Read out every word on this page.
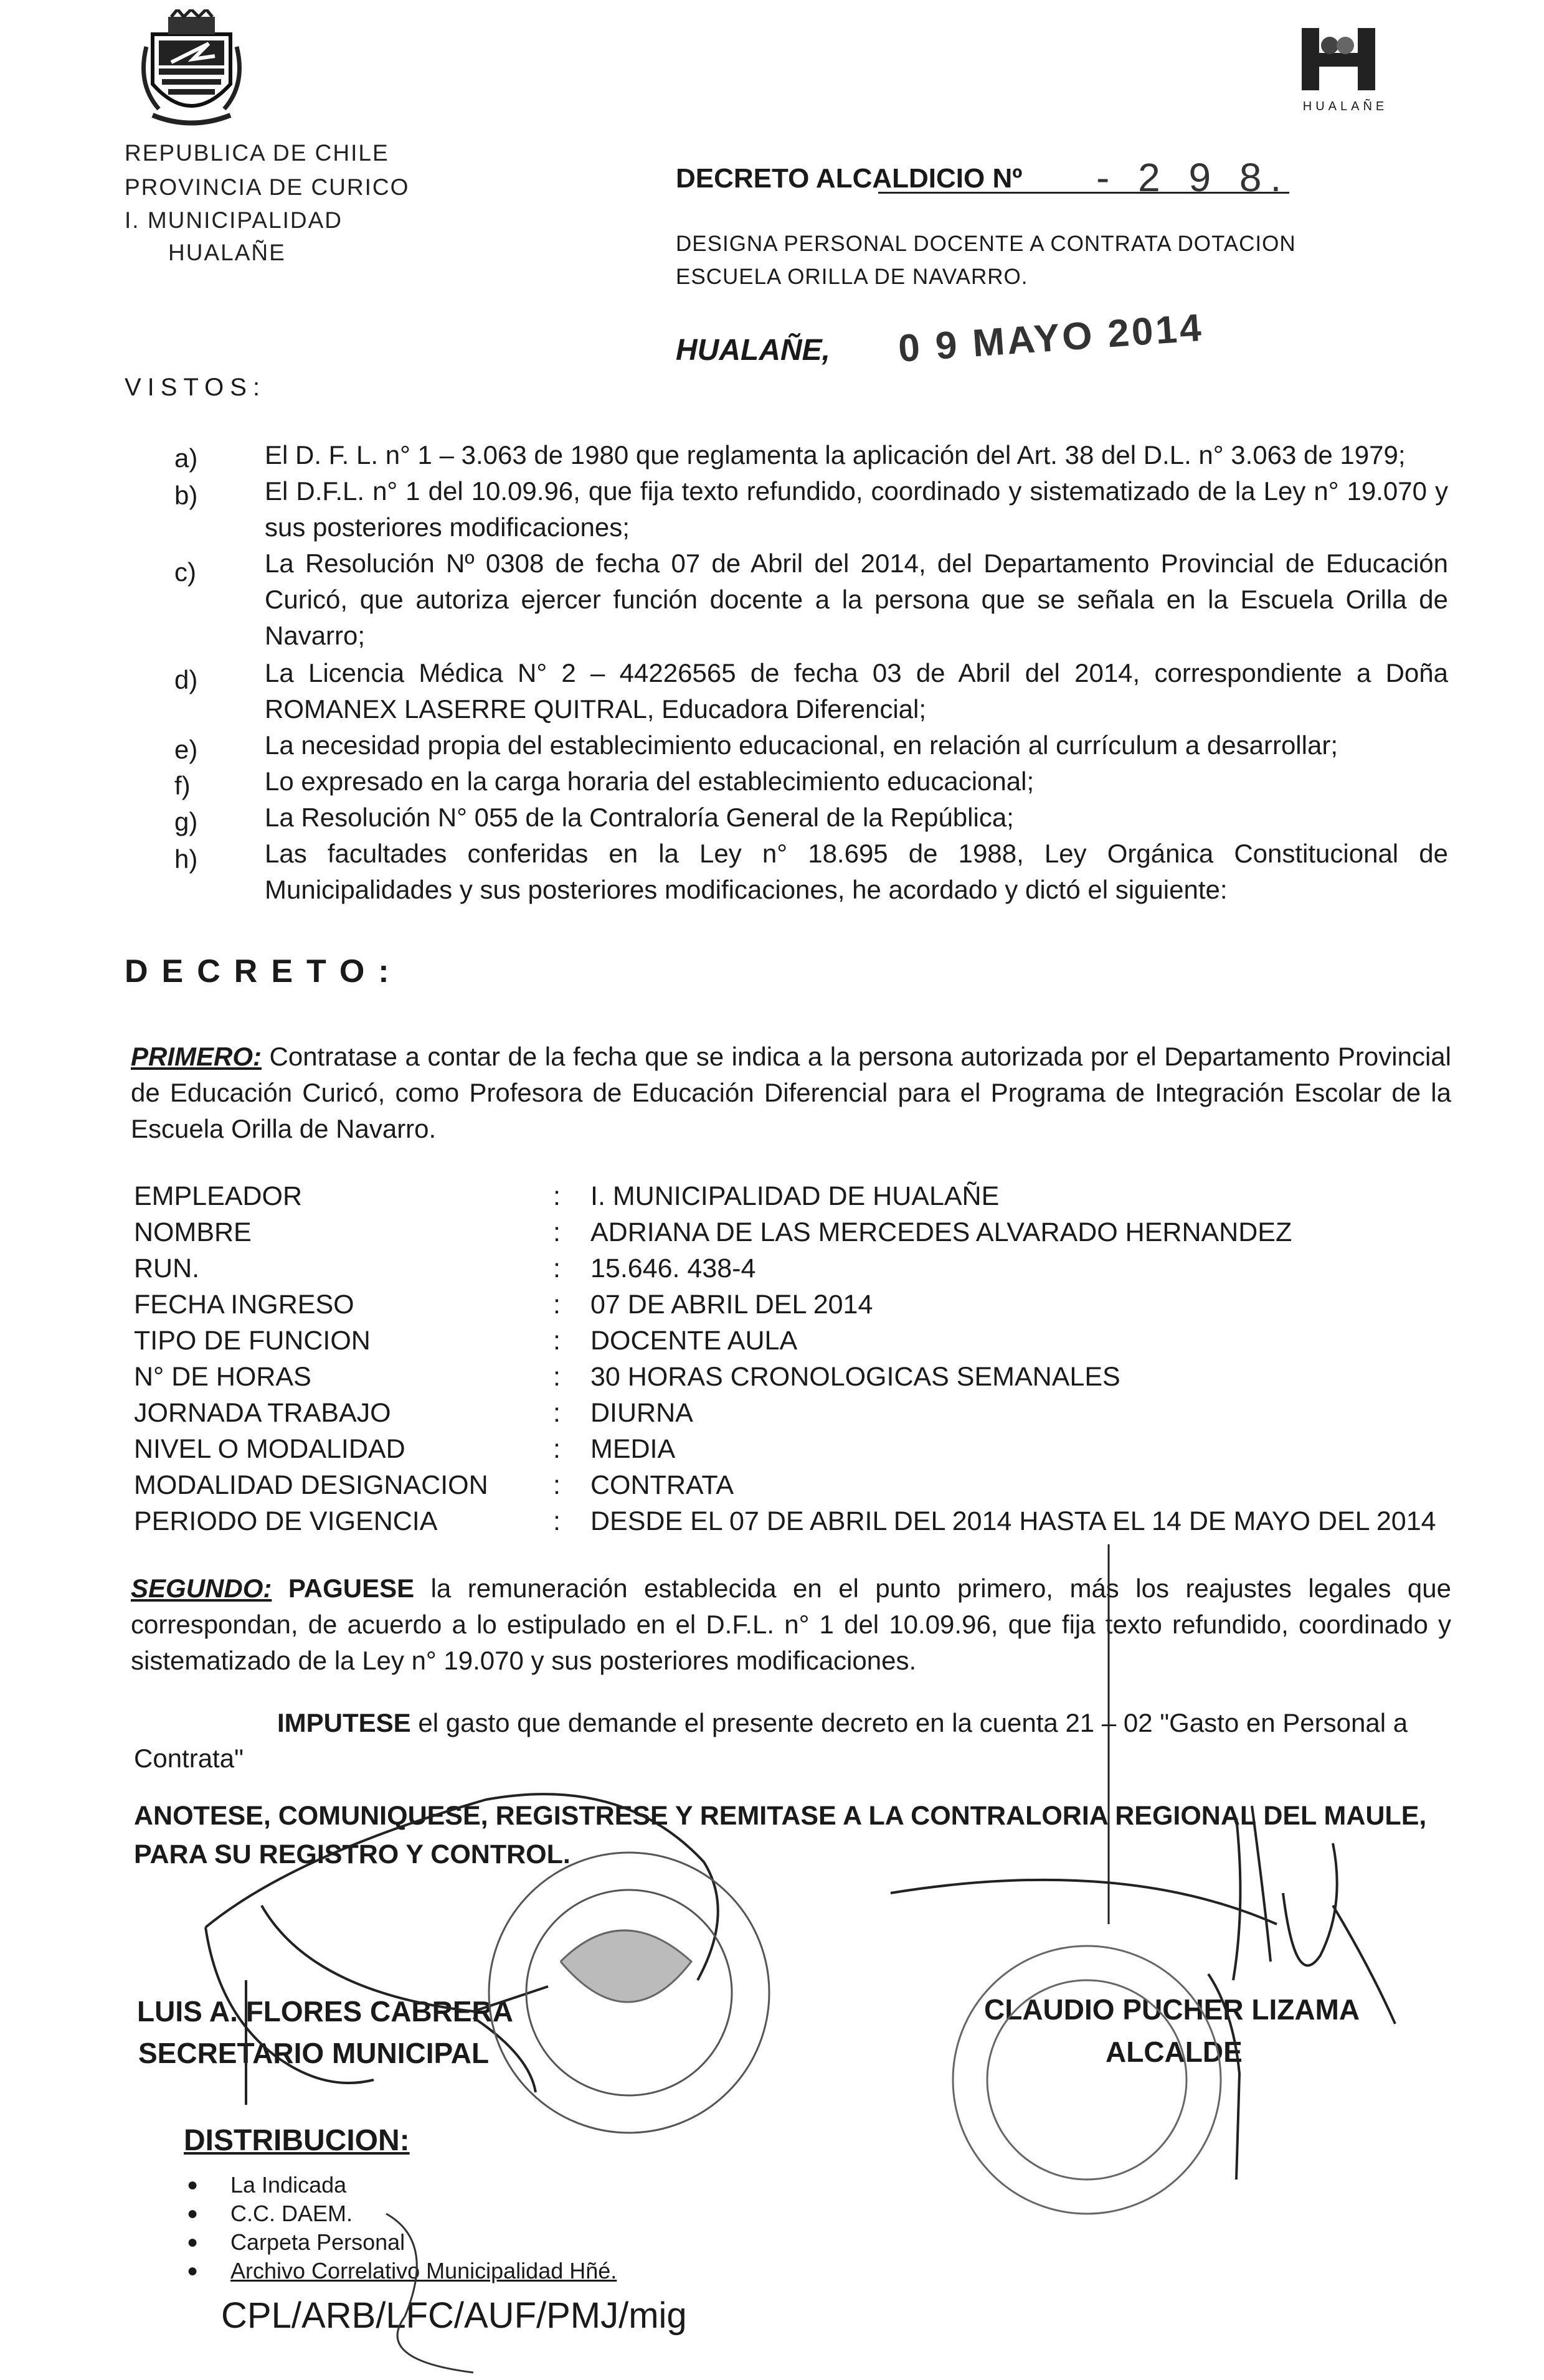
HUALAÑE
REPUBLICA DE CHILE
PROVINCIA DE CURICO
I. MUNICIPALIDAD
HUALAÑE
DECRETO ALCALDICIO Nº - 2 9 8.
DESIGNA PERSONAL DOCENTE A CONTRATA DOTACION
ESCUELA ORILLA DE NAVARRO.
HUALAÑE, 0 9 MAYO 2014
VISTOS:
a)	El D. F. L. n° 1 – 3.063 de 1980 que reglamenta la aplicación del Art. 38 del D.L. n° 3.063 de 1979;
b)	El D.F.L. n° 1 del 10.09.96, que fija texto refundido, coordinado y sistematizado de la Ley n° 19.070 y sus posteriores modificaciones;
c)	La Resolución Nº 0308 de fecha 07 de Abril del 2014, del Departamento Provincial de Educación Curicó, que autoriza ejercer función docente a la persona que se señala en la Escuela Orilla de Navarro;
d)	La Licencia Médica N° 2 – 44226565 de fecha 03 de Abril del 2014, correspondiente a Doña ROMANEX LASERRE QUITRAL, Educadora Diferencial;
e)	La necesidad propia del establecimiento educacional, en relación al currículum a desarrollar;
f)	Lo expresado en la carga horaria del establecimiento educacional;
g)	La Resolución N° 055 de la Contraloría General de la República;
h)	Las facultades conferidas en la Ley n° 18.695 de 1988, Ley Orgánica Constitucional de Municipalidades y sus posteriores modificaciones, he acordado y dictó el siguiente:
DECRETO:
PRIMERO: Contratase a contar de la fecha que se indica a la persona autorizada por el Departamento Provincial de Educación Curicó, como Profesora de Educación Diferencial para el Programa de Integración Escolar de la Escuela Orilla de Navarro.
EMPLEADOR	: I. MUNICIPALIDAD DE HUALAÑE
NOMBRE	: ADRIANA DE LAS MERCEDES ALVARADO HERNANDEZ
RUN.	: 15.646. 438-4
FECHA INGRESO	: 07 DE ABRIL DEL 2014
TIPO DE FUNCION	: DOCENTE AULA
N° DE HORAS	: 30 HORAS CRONOLOGICAS SEMANALES
JORNADA TRABAJO	: DIURNA
NIVEL O MODALIDAD	: MEDIA
MODALIDAD DESIGNACION : CONTRATA
PERIODO DE VIGENCIA	: DESDE EL 07 DE ABRIL DEL 2014 HASTA EL 14 DE MAYO DEL 2014
SEGUNDO: PAGUESE la remuneración establecida en el punto primero, más los reajustes legales que correspondan, de acuerdo a lo estipulado en el D.F.L. n° 1 del 10.09.96, que fija texto refundido, coordinado y sistematizado de la Ley n° 19.070 y sus posteriores modificaciones.
IMPUTESE el gasto que demande el presente decreto en la cuenta 21 – 02 "Gasto en Personal a
Contrata"
ANOTESE, COMUNIQUESE, REGISTRESE Y REMITASE A LA CONTRALORIA REGIONAL DEL MAULE, PARA SU REGISTRO Y CONTROL.
LUIS A. FLORES CABRERA
SECRETARIO MUNICIPAL
CLAUDIO PUCHER LIZAMA
ALCALDE
DISTRIBUCION:
● La Indicada
● C.C. DAEM.
● Carpeta Personal
● Archivo Correlativo Municipalidad Hñé.
CPL/ARB/LFC/AUF/PMJ/mig
